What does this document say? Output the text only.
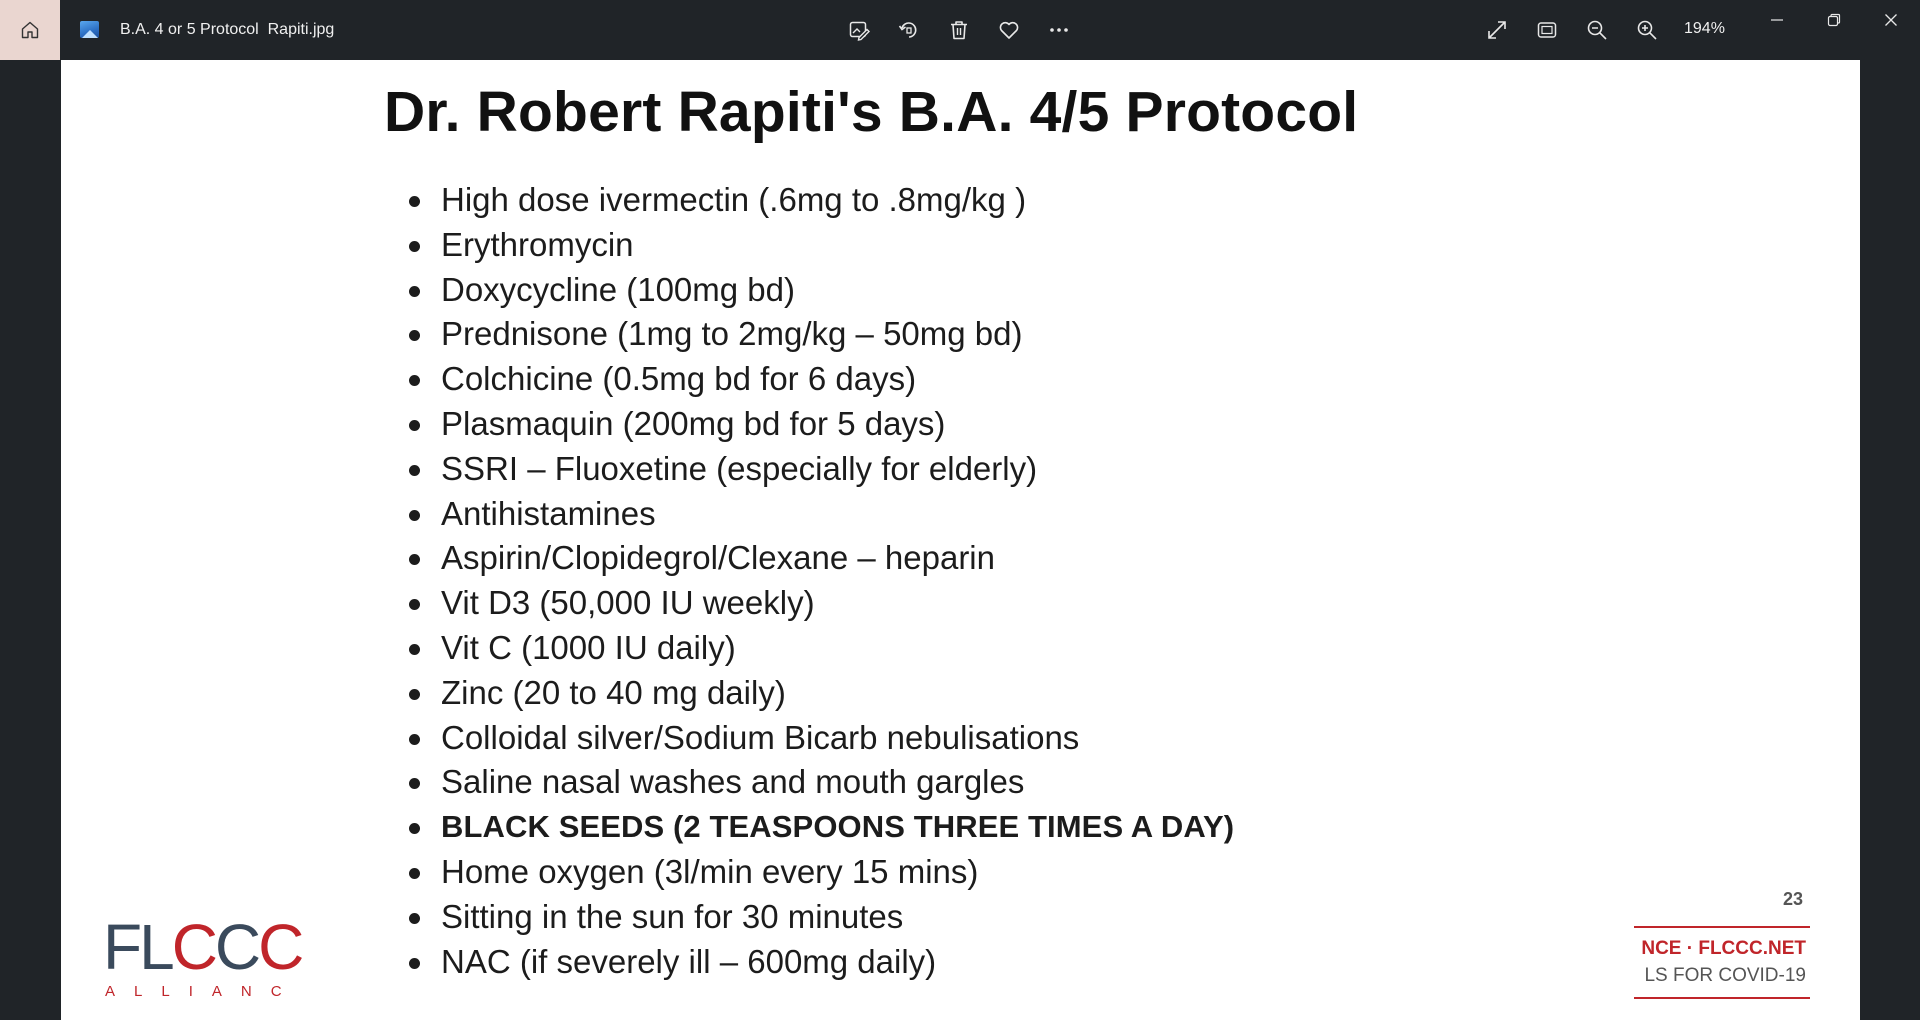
B.A. 4 or 5 Protocol  Rapiti.jpg	194%
Dr. Robert Rapiti's B.A. 4/5 Protocol
High dose ivermectin (.6mg to .8mg/kg )
Erythromycin
Doxycycline (100mg bd)
Prednisone (1mg to 2mg/kg – 50mg bd)
Colchicine (0.5mg bd for 6 days)
Plasmaquin (200mg bd for 5 days)
SSRI – Fluoxetine (especially for elderly)
Antihistamines
Aspirin/Clopidegrol/Clexane – heparin
Vit D3 (50,000 IU weekly)
Vit C (1000 IU daily)
Zinc (20 to 40 mg daily)
Colloidal silver/Sodium Bicarb nebulisations
Saline nasal washes and mouth gargles
BLACK SEEDS (2 TEASPOONS THREE TIMES A DAY)
Home oxygen (3l/min every 15 mins)
Sitting in the sun for 30 minutes
NAC (if severely ill – 600mg daily)
23
FLCCC
ALLIANC
NCE · FLCCC.NET
LS FOR COVID-19
